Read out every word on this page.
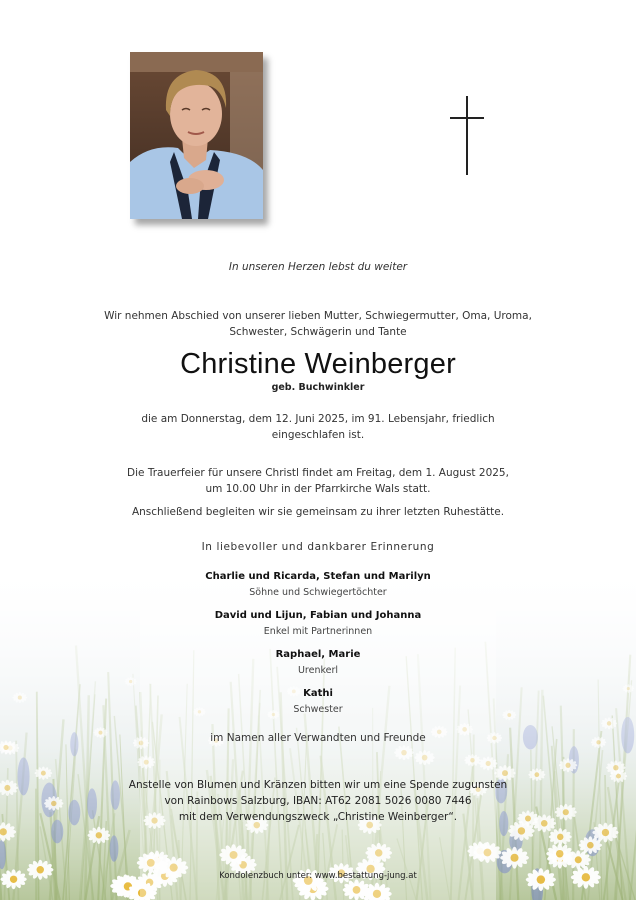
In unseren Herzen lebst du weiter
Wir nehmen Abschied von unserer lieben Mutter, Schwiegermutter, Oma, Uroma,
Schwester, Schwägerin und Tante
Christine Weinberger
geb. Buchwinkler
die am Donnerstag, dem 12. Juni 2025, im 91. Lebensjahr, friedlich
eingeschlafen ist.
Die Trauerfeier für unsere Christl findet am Freitag, dem 1. August 2025,
um 10.00 Uhr in der Pfarrkirche Wals statt.
Anschließend begleiten wir sie gemeinsam zu ihrer letzten Ruhestätte.
In liebevoller und dankbarer Erinnerung
Charlie und Ricarda, Stefan und Marilyn
Söhne und Schwiegertöchter
David und Lijun, Fabian und Johanna
Enkel mit Partnerinnen
Raphael, Marie
Urenkerl
Kathi
Schwester
im Namen aller Verwandten und Freunde
Anstelle von Blumen und Kränzen bitten wir um eine Spende zugunsten
von Rainbows Salzburg, IBAN: AT62 2081 5026 0080 7446
mit dem Verwendungszweck „Christine Weinberger“.
Kondolenzbuch unter: www.bestattung-jung.at
